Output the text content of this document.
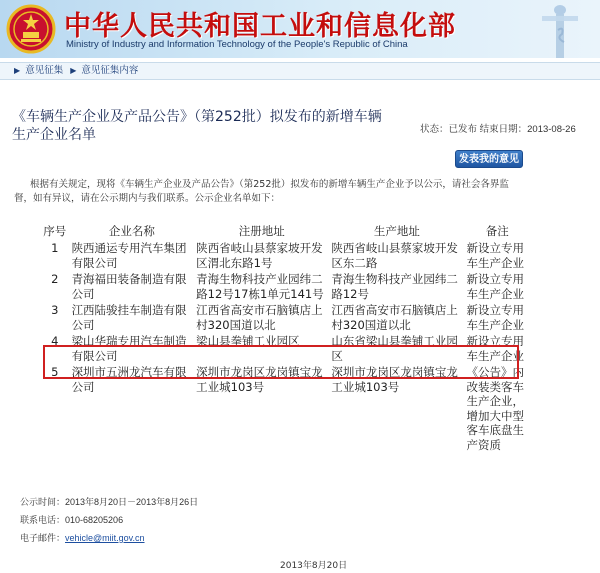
中华人民共和国工业和信息化部
Ministry of Industry and Information Technology of the People's Republic of China
▶ 意见征集 ▶ 意见征集内容
《车辆生产企业及产品公告》（第252批）拟发布的新增车辆生产企业名单	状态：已发布 结束日期：2013-08-26
发表我的意见
根据有关规定，现将《车辆生产企业及产品公告》（第252批）拟发布的新增车辆生产企业予以公示，请社会各界监督，如有异议，请在公示期内与我们联系。公示企业名单如下：
序号	企业名称	注册地址	生产地址	备注
1	陕西通运专用汽车集团有限公司	陕西省岐山县蔡家坡开发区渭北东路1号	陕西省岐山县蔡家坡开发区东二路	新设立专用车生产企业
2	青海福田装备制造有限公司	青海生物科技产业园纬二路12号17栋1单元141号	青海生物科技产业园纬二路12号	新设立专用车生产企业
3	江西陆骏挂车制造有限公司	江西省高安市石脑镇店上村320国道以北	江西省高安市石脑镇店上村320国道以北	新设立专用车生产企业
4	梁山华瑞专用汽车制造有限公司	梁山县拳铺工业园区	山东省梁山县拳铺工业园区	新设立专用车生产企业
5	深圳市五洲龙汽车有限公司	深圳市龙岗区龙岗镇宝龙工业城103号	深圳市龙岗区龙岗镇宝龙工业城103号	《公告》内改装类客车生产企业，增加大中型客车底盘生产资质
公示时间：2013年8月20日－2013年8月26日
联系电话：010-68205206
电子邮件：vehicle@miit.gov.cn
2013年8月20日
